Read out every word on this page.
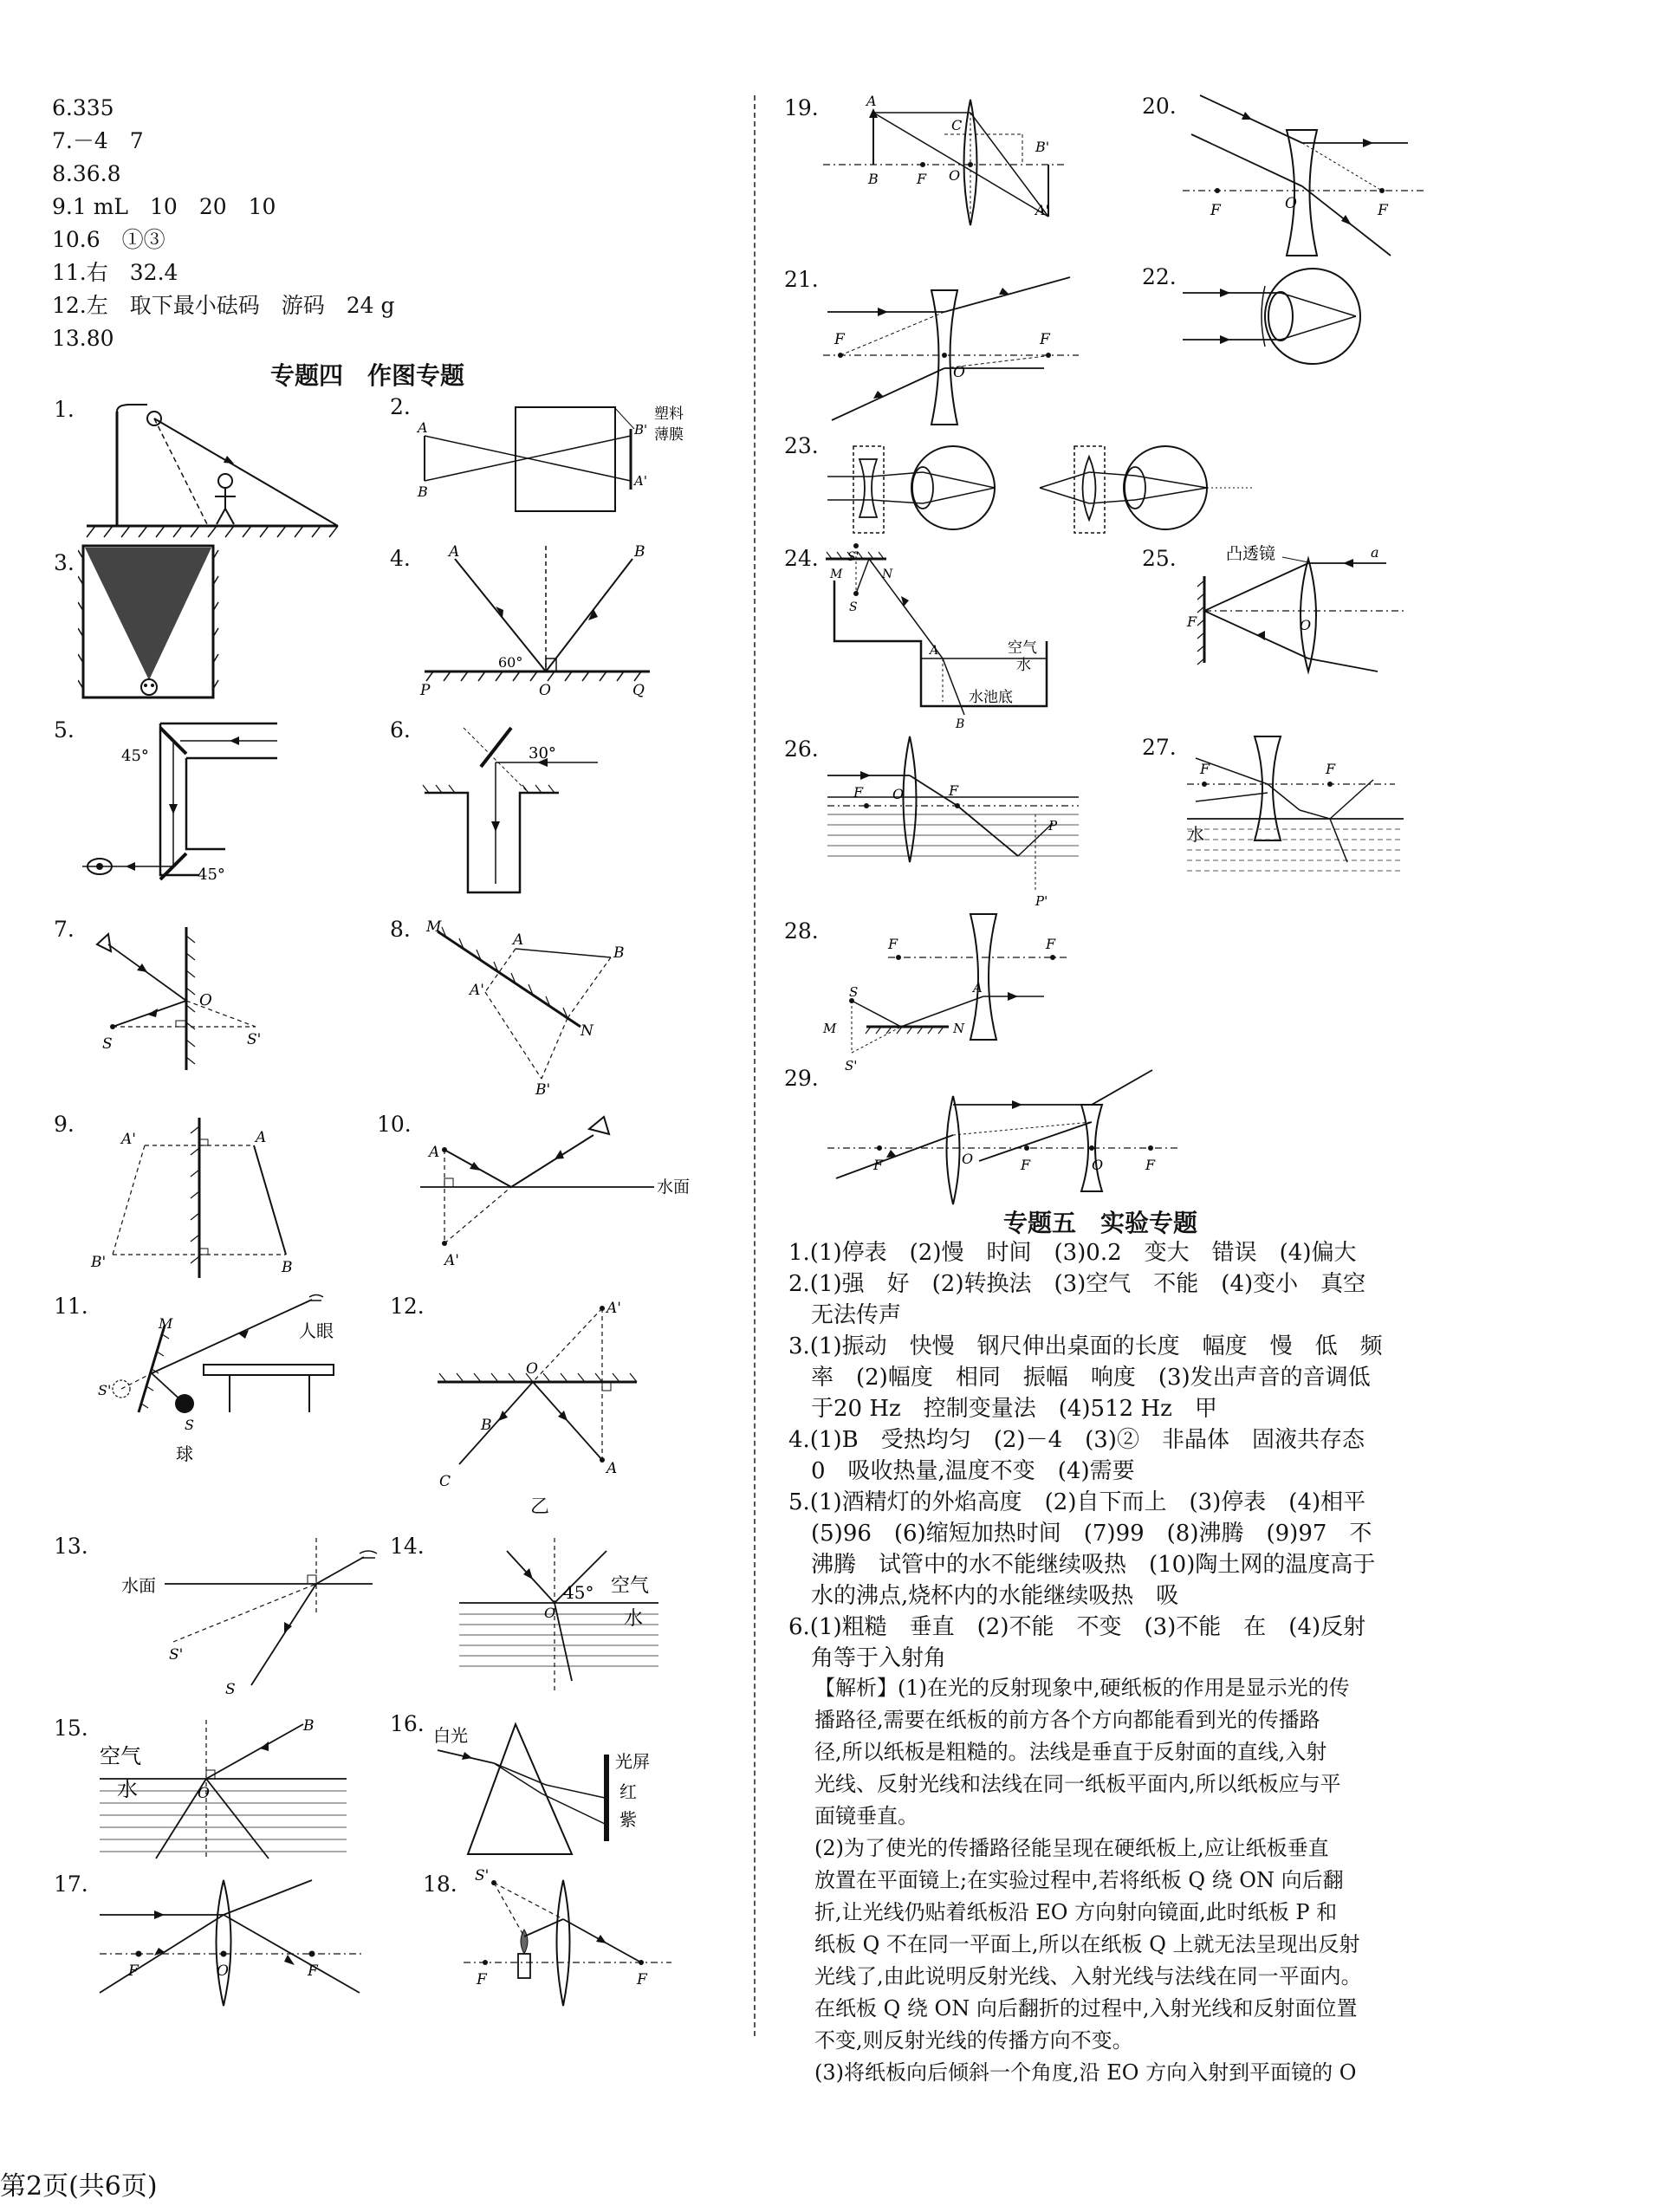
6.335
7.－4　7
8.36.8
9.1 mL　10　20　10
10.6　①③
11.右　32.4
12.左　取下最小砝码　游码　24 g
13.80
专题四　作图专题
1.	2.
A
B
B'
A'
塑料
薄膜
3.	4.	A	B
60°
P	O	Q
5.
45°
45°
6.
30°
7.
O
S	S'
8. M
A
B
A'
N
B'
9.
A'	A
B'	B
10.
A
A'
水面
11.
人眼
M
S'
S
球
12.
O
A'
A
B
C
乙
13.
水面
S'
S
14.
O
45° 空气
水
15.	B
空气
水	O
16. 白光
光屏
红
紫
17.
F	O	F
18. S'
F	F
19.	A
C
B	F O
B'
A'
20.
F	O	F
21.
F
O
F
22.
23.
24.
M
S'
N
S
A
水
空气
水池底
B
25.	凸透镜	a
F	O
26.
F O	F
P
P'
27.
F	F
水
28.
F	F
S
M	N
A
S'
29.
F	O	F	O	F
专题五　实验专题
1.(1)停表　(2)慢　时间　(3)0.2　变大　错误　(4)偏大
2.(1)强　好　(2)转换法　(3)空气　不能　(4)变小　真空
　无法传声
3.(1)振动　快慢　钢尺伸出桌面的长度　幅度　慢　低　频
　率　(2)幅度　相同　振幅　响度　(3)发出声音的音调低
　于20 Hz　控制变量法　(4)512 Hz　甲
4.(1)B　受热均匀　(2)－4　(3)②　非晶体　固液共存态
　0　吸收热量,温度不变　(4)需要
5.(1)酒精灯的外焰高度　(2)自下而上　(3)停表　(4)相平
　(5)96　(6)缩短加热时间　(7)99　(8)沸腾　(9)97　不
　沸腾　试管中的水不能继续吸热　(10)陶土网的温度高于
　水的沸点,烧杯内的水能继续吸热　吸
6.(1)粗糙　垂直　(2)不能　不变　(3)不能　在　(4)反射
　角等于入射角
【解析】(1)在光的反射现象中,硬纸板的作用是显示光的传
播路径,需要在纸板的前方各个方向都能看到光的传播路
径,所以纸板是粗糙的。法线是垂直于反射面的直线,入射
光线、反射光线和法线在同一纸板平面内,所以纸板应与平
面镜垂直。
(2)为了使光的传播路径能呈现在硬纸板上,应让纸板垂直
放置在平面镜上;在实验过程中,若将纸板 Q 绕 ON 向后翻
折,让光线仍贴着纸板沿 EO 方向射向镜面,此时纸板 P 和
纸板 Q 不在同一平面上,所以在纸板 Q 上就无法呈现出反射
光线了,由此说明反射光线、入射光线与法线在同一平面内。
在纸板 Q 绕 ON 向后翻折的过程中,入射光线和反射面位置
不变,则反射光线的传播方向不变。
(3)将纸板向后倾斜一个角度,沿 EO 方向入射到平面镜的 O
第2页(共6页)
